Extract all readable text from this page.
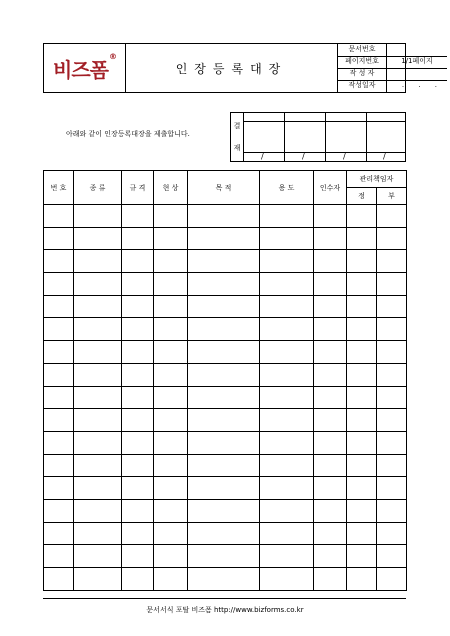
비즈폼®
인장등록대장
문서번호
페이지번호	1/1페이지
작 성 자
작성일자	. . .
아래와 같이 인장등록대장을 제출합니다.
결
재
/	/	/	/
번 호	종 류	규 격	현 상	목 적	용 도	인수자	관리책임자	
							정	부

문서서식 포탈 비즈폼 http://www.bizforms.co.kr
